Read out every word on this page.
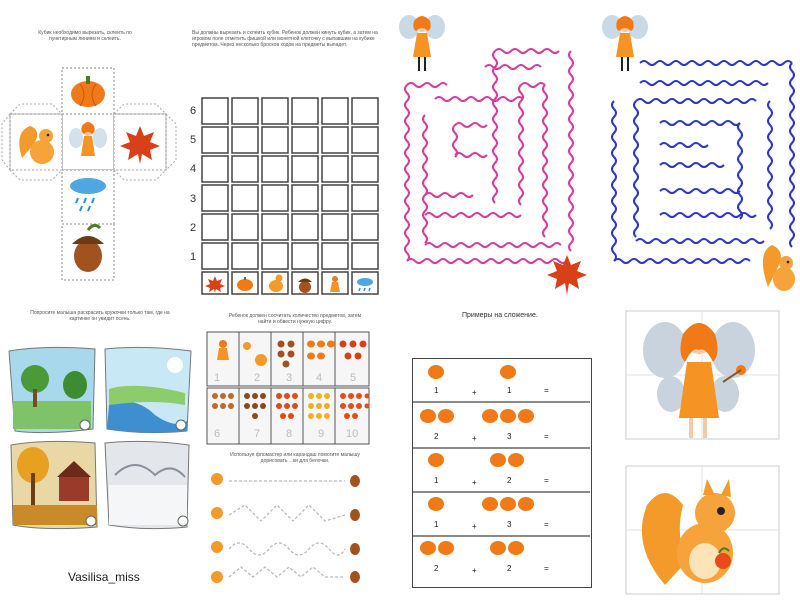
Кубик необходимо вырезать, склеить по пунктирным линиям и склеить.
Вы должны вырезать и склеить кубик. Ребенок должен кинуть кубик, а затем на игровом поле отметить фишкой или монетной клеточку с выпавшим на кубике предметом. Через несколько бросков ходов на предметы выпадет.
6
5
4
3
2
1
Попросите малыша раскрасить кружочки только там, где на картинке он увидит осень.
Vasilisa_miss
Ребенок должен сосчитать количество предметов, затем найти и обвести нужную цифру.
1	2 3 4	5
6	7 8 9 10
Используя фломастер или карандаш помогите малышу дорисовать ...ки для белочки.
Примеры на сложение.
1	+	1	=
2	+	3	=
1	+	2	=
1	+	3	=
2	+	2	=
